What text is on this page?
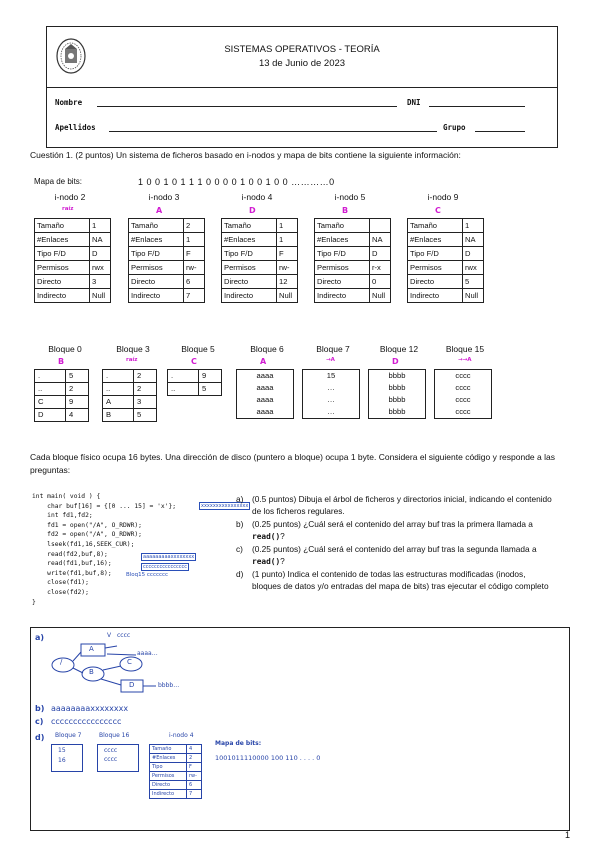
SISTEMAS OPERATIVOS - TEORÍA
13 de Junio de 2023
Nombre	DNI
Apellidos	Grupo
Cuestión 1. (2 puntos) Un sistema de ficheros basado en i-nodos y mapa de bits contiene la siguiente información:
Mapa de bits:	1 0 0 1 0 1 1 1 0 0 0 0 1 0 0 1 0 0 …………0
i-nodo 2
raíz
Tamaño	1
#Enlaces	NA
Tipo F/D	D
Permisos	rwx
Directo	3
Indirecto	Null
i-nodo 3
A
Tamaño	2
#Enlaces	1
Tipo F/D	F
Permisos	rw-
Directo	6
Indirecto	7
i-nodo 4
D
Tamaño	1
#Enlaces	1
Tipo F/D	F
Permisos	rw-
Directo	12
Indirecto	Null
i-nodo 5
B
Tamaño	
#Enlaces	NA
Tipo F/D	D
Permisos	r-x
Directo	0
Indirecto	Null
i-nodo 9
C
Tamaño	1
#Enlaces	NA
Tipo F/D	D
Permisos	rwx
Directo	5
Indirecto	Null
Bloque 0
B
.	5
..	2
C	9
D	4
Bloque 3
raíz
.	2
..	2
A	3
B	5
Bloque 5
C
.	9
..	5
Bloque 6
A
aaaa
aaaa
aaaa
aaaa
Bloque 7
→A
15
…
…
…
Bloque 12
D
bbbb
bbbb
bbbb
bbbb
Bloque 15
→→A
cccc
cccc
cccc
cccc
Cada bloque físico ocupa 16 bytes. Una dirección de disco (puntero a bloque) ocupa 1 byte. Considera el siguiente código y responde a las preguntas:
int main( void ) {
char buf[16] = {[0 ... 15] = 'x'};
int fd1,fd2;
fd1 = open("/A", O_RDWR);
fd2 = open("/A", O_RDWR);
lseek(fd1,16,SEEK_CUR);
read(fd2,buf,8);
read(fd1,buf,16);
write(fd1,buf,8);
close(fd1);
close(fd2);
}
xxxxxxxxxxxxxxxx
aaaaaaaaaxxxxxxxx
cccccccccccccccc
Bloq15 ccccccc
a) (0.5 puntos) Dibuja el árbol de ficheros y directorios inicial, indicando el contenido de los ficheros regulares.
b) (0.25 puntos) ¿Cuál será el contenido del array buf tras la primera llamada a read()?
c) (0.25 puntos) ¿Cuál será el contenido del array buf tras la segunda llamada a read()?
d) (1 punto) Indica el contenido de todas las estructuras modificadas (inodos, bloques de datos y/o entradas del mapa de bits) tras ejecutar el código completo
a)
/
A
B
C
D
V cccc
aaaa…
bbbb…
b) aaaaaaaaxxxxxxxx
c) cccccccccccccccc
d) Bloque 7
15
16
Bloque 16
cccc
cccc
i-nodo 4
Tamaño	4
#Enlaces	2
Tipo	F
Permisos	rw-
Directo	6
Indirecto	7
Mapa de bits:
1001011110000 100 110 . . . . 0
1
